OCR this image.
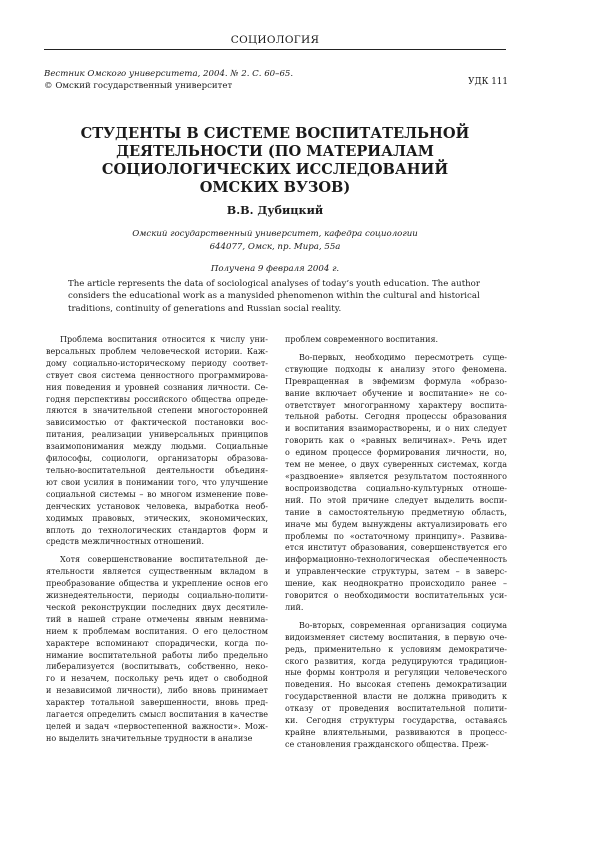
СОЦИОЛОГИЯ
Вестник Омского университета, 2004. № 2. С. 60–65.
© Омский государственный университет	УДК 111
СТУДЕНТЫ В СИСТЕМЕ ВОСПИТАТЕЛЬНОЙ
ДЕЯТЕЛЬНОСТИ (ПО МАТЕРИАЛАМ
СОЦИОЛОГИЧЕСКИХ ИССЛЕДОВАНИЙ
ОМСКИХ ВУЗОВ)
В.В. Дубицкий
Омский государственный университет, кафедра социологии
644077, Омск, пр. Мира, 55а
Получена 9 февраля 2004 г.
The article represents the data of sociological analyses of today’s youth education. The author
considers the educational work as a manysided phenomenon within the cultural and historical
traditions, continuity of generations and Russian social reality.
Проблема воспитания относится к числу уни-
версальных проблем человеческой истории. Каж-
дому социально-историческому периоду соответ-
ствует своя система ценностного программирова-
ния поведения и уровней сознания личности. Се-
годня перспективы российского общества опреде-
ляются в значительной степени многосторонней
зависимостью от фактической постановки вос-
питания, реализации универсальных принципов
взаимопонимания между людьми. Социальные
философы, социологи, организаторы образова-
тельно-воспитательной деятельности объединя-
ют свои усилия в понимании того, что улучшение
социальной системы – во многом изменение пове-
денческих установок человека, выработка необ-
ходимых правовых, этических, экономических,
вплоть до технологических стандартов форм и
средств межличностных отношений.
Хотя совершенствование воспитательной де-
ятельности является существенным вкладом в
преобразование общества и укрепление основ его
жизнедеятельности, периоды социально-полити-
ческой реконструкции последних двух десятиле-
тий в нашей стране отмечены явным невнима-
нием к проблемам воспитания. О его целостном
характере вспоминают спорадически, когда по-
нимание воспитательной работы либо предельно
либерализуется (воспитывать, собственно, неко-
го и незачем, поскольку речь идет о свободной
и независимой личности), либо вновь принимает
характер тотальной завершенности, вновь пред-
лагается определить смысл воспитания в качестве
целей и задач «первостепенной важности». Мож-
но выделить значительные трудности в анализе
проблем современного воспитания.
Во-первых, необходимо пересмотреть суще-
ствующие подходы к анализу этого феномена.
Превращенная в эвфемизм формула «образо-
вание включает обучение и воспитание» не со-
ответствует многогранному характеру воспита-
тельной работы. Сегодня процессы образования
и воспитания взаиморастворены, и о них следует
говорить как о «равных величинах». Речь идет
о едином процессе формирования личности, но,
тем не менее, о двух суверенных системах, когда
«раздвоение» является результатом постоянного
воспроизводства социально-культурных отноше-
ний. По этой причине следует выделить воспи-
тание в самостоятельную предметную область,
иначе мы будем вынуждены актуализировать его
проблемы по «остаточному принципу». Развива-
ется институт образования, совершенствуется его
информационно-технологическая обеспеченность
и управленческие структуры, затем – в заверс-
шение, как неоднократно происходило ранее –
говорится о необходимости воспитательных уси-
лий.
Во-вторых, современная организация социума
видоизменяет систему воспитания, в первую оче-
редь, применительно к условиям демократиче-
ского развития, когда редуцируются традицион-
ные формы контроля и регуляции человеческого
поведения. Но высокая степень демократизации
государственной власти не должна приводить к
отказу от проведения воспитательной полити-
ки. Сегодня структуры государства, оставаясь
крайне влиятельными, развиваются в процесс-
се становления гражданского общества. Преж-
